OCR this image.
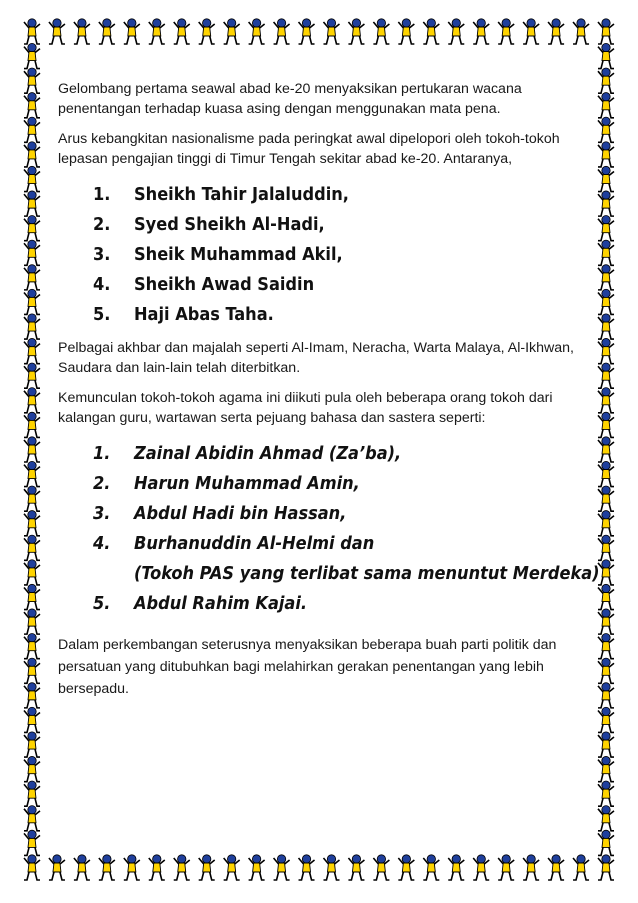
Gelombang pertama seawal abad ke-20 menyaksikan pertukaran wacana penentangan terhadap kuasa asing dengan menggunakan mata pena.

Arus kebangkitan nasionalisme pada peringkat awal dipelopori oleh tokoh-tokoh lepasan pengajian tinggi di Timur Tengah sekitar abad ke-20. Antaranya,

1.	Sheikh Tahir Jalaluddin,
2.	Syed Sheikh Al-Hadi,
3.	Sheik Muhammad Akil,
4.	Sheikh Awad Saidin
5.	Haji Abas Taha.

Pelbagai akhbar dan majalah seperti Al-Imam, Neracha, Warta Malaya, Al-Ikhwan, Saudara dan lain-lain telah diterbitkan.

Kemunculan tokoh-tokoh agama ini diikuti pula oleh beberapa orang tokoh dari kalangan guru, wartawan serta pejuang bahasa dan sastera seperti:

1.	Zainal Abidin Ahmad (Za’ba),
2.	Harun Muhammad Amin,
3.	Abdul Hadi bin Hassan,
4.	Burhanuddin Al-Helmi dan
(Tokoh PAS yang terlibat sama menuntut Merdeka)
5.	Abdul Rahim Kajai.

Dalam perkembangan seterusnya menyaksikan beberapa buah parti politik dan persatuan yang ditubuhkan bagi melahirkan gerakan penentangan yang lebih bersepadu.
